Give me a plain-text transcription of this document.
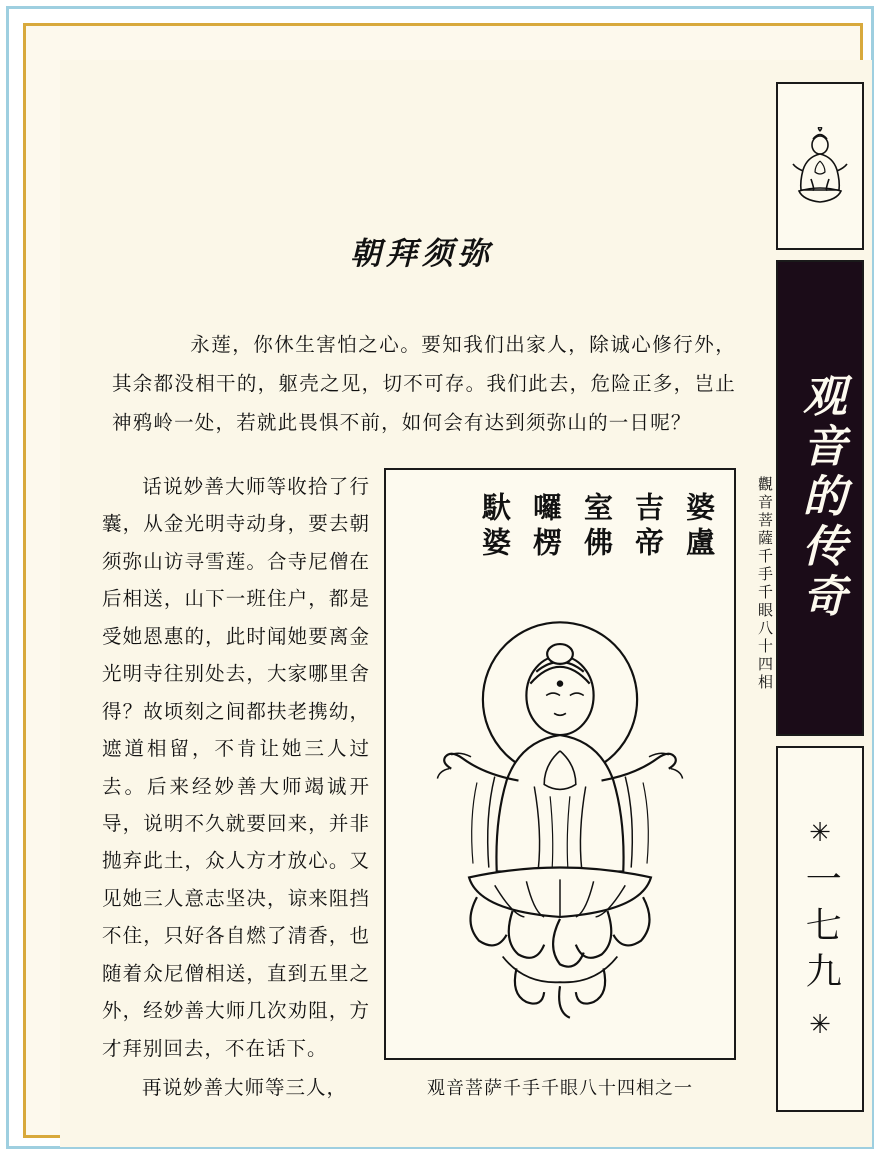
朝拜须弥
永莲，你休生害怕之心。要知我们出家人，除诚心修行外，其余都没相干的，躯壳之见，切不可存。我们此去，危险正多，岂止神鸦岭一处，若就此畏惧不前，如何会有达到须弥山的一日呢？

话说妙善大师等收拾了行囊，从金光明寺动身，要去朝须弥山访寻雪莲。合寺尼僧在后相送，山下一班住户，都是受她恩惠的，此时闻她要离金光明寺往别处去，大家哪里舍得？故顷刻之间都扶老携幼，遮道相留，不肯让她三人过去。后来经妙善大师竭诚开导，说明不久就要回来，并非抛弃此土，众人方才放心。又见她三人意志坚决，谅来阻挡不住，只好各自燃了清香，也随着众尼僧相送，直到五里之外，经妙善大师几次劝阻，方才拜别回去，不在话下。

再说妙善大师等三人，

婆盧
吉帝
室佛
囉楞
馱婆	觀音菩薩千手千眼八十四相
观音菩萨千手千眼八十四相之一
观音的传奇
✳
一七九
✳
